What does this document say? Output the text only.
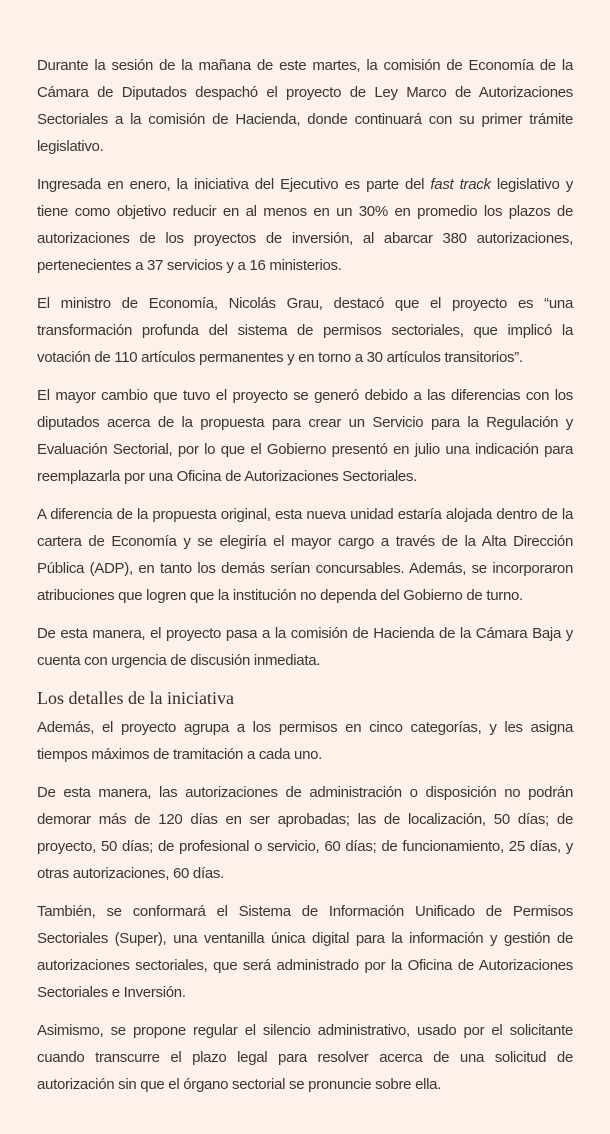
Durante la sesión de la mañana de este martes, la comisión de Economía de la Cámara de Diputados despachó el proyecto de Ley Marco de Autorizaciones Sectoriales a la comisión de Hacienda, donde continuará con su primer trámite legislativo.

Ingresada en enero, la iniciativa del Ejecutivo es parte del fast track legislativo y tiene como objetivo reducir en al menos en un 30% en promedio los plazos de autorizaciones de los proyectos de inversión, al abarcar 380 autorizaciones, pertenecientes a 37 servicios y a 16 ministerios.

El ministro de Economía, Nicolás Grau, destacó que el proyecto es “una transformación profunda del sistema de permisos sectoriales, que implicó la votación de 110 artículos permanentes y en torno a 30 artículos transitorios”.

El mayor cambio que tuvo el proyecto se generó debido a las diferencias con los diputados acerca de la propuesta para crear un Servicio para la Regulación y Evaluación Sectorial, por lo que el Gobierno presentó en julio una indicación para reemplazarla por una Oficina de Autorizaciones Sectoriales.

A diferencia de la propuesta original, esta nueva unidad estaría alojada dentro de la cartera de Economía y se elegiría el mayor cargo a través de la Alta Dirección Pública (ADP), en tanto los demás serían concursables. Además, se incorporaron atribuciones que logren que la institución no dependa del Gobierno de turno.

De esta manera, el proyecto pasa a la comisión de Hacienda de la Cámara Baja y cuenta con urgencia de discusión inmediata.

Los detalles de la iniciativa

Además, el proyecto agrupa a los permisos en cinco categorías, y les asigna tiempos máximos de tramitación a cada uno.

De esta manera, las autorizaciones de administración o disposición no podrán demorar más de 120 días en ser aprobadas; las de localización, 50 días; de proyecto, 50 días; de profesional o servicio, 60 días; de funcionamiento, 25 días, y otras autorizaciones, 60 días.

También, se conformará el Sistema de Información Unificado de Permisos Sectoriales (Super), una ventanilla única digital para la información y gestión de autorizaciones sectoriales, que será administrado por la Oficina de Autorizaciones Sectoriales e Inversión.

Asimismo, se propone regular el silencio administrativo, usado por el solicitante cuando transcurre el plazo legal para resolver acerca de una solicitud de autorización sin que el órgano sectorial se pronuncie sobre ella.
